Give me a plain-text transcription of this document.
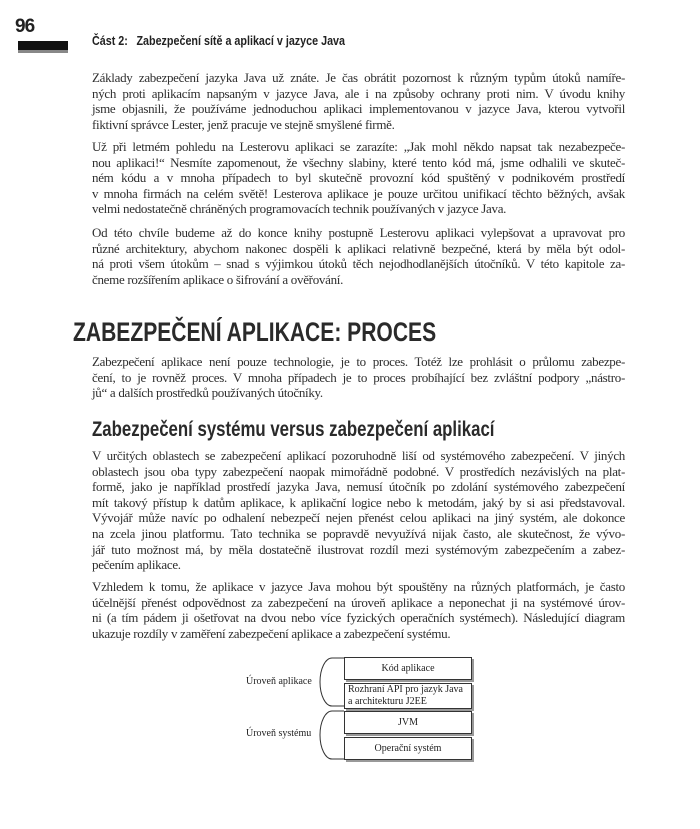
96
Část 2: Zabezpečení sítě a aplikací v jazyce Java
Základy zabezpečení jazyka Java už znáte. Je čas obrátit pozornost k různým typům útoků namíře-
ných proti aplikacím napsaným v jazyce Java, ale i na způsoby ochrany proti nim. V úvodu knihy
jsme objasnili, že používáme jednoduchou aplikaci implementovanou v jazyce Java, kterou vytvořil
fiktivní správce Lester, jenž pracuje ve stejně smyšlené firmě.
Už při letmém pohledu na Lesterovu aplikaci se zarazíte: „Jak mohl někdo napsat tak nezabezpeče-
nou aplikaci!“ Nesmíte zapomenout, že všechny slabiny, které tento kód má, jsme odhalili ve skuteč-
ném kódu a v mnoha případech to byl skutečně provozní kód spuštěný v podnikovém prostředí
v mnoha firmách na celém světě! Lesterova aplikace je pouze určitou unifikací těchto běžných, avšak
velmi nedostatečně chráněných programovacích technik používaných v jazyce Java.
Od této chvíle budeme až do konce knihy postupně Lesterovu aplikaci vylepšovat a upravovat pro
různé architektury, abychom nakonec dospěli k aplikaci relativně bezpečné, která by měla být odol-
ná proti všem útokům – snad s výjimkou útoků těch nejodhodlanějších útočníků. V této kapitole za-
čneme rozšířením aplikace o šifrování a ověřování.
ZABEZPEČENÍ APLIKACE: PROCES
Zabezpečení aplikace není pouze technologie, je to proces. Totéž lze prohlásit o průlomu zabezpe-
čení, to je rovněž proces. V mnoha případech je to proces probíhající bez zvláštní podpory „nástro-
jů“ a dalších prostředků používaných útočníky.
Zabezpečení systému versus zabezpečení aplikací
V určitých oblastech se zabezpečení aplikací pozoruhodně liší od systémového zabezpečení. V jiných
oblastech jsou oba typy zabezpečení naopak mimořádně podobné. V prostředích nezávislých na plat-
formě, jako je například prostředí jazyka Java, nemusí útočník po zdolání systémového zabezpečení
mít takový přístup k datům aplikace, k aplikační logice nebo k metodám, jaký by si asi představoval.
Vývojář může navíc po odhalení nebezpečí nejen přenést celou aplikaci na jiný systém, ale dokonce
na zcela jinou platformu. Tato technika se popravdě nevyužívá nijak často, ale skutečnost, že vývo-
jář tuto možnost má, by měla dostatečně ilustrovat rozdíl mezi systémovým zabezpečením a zabez-
pečením aplikace.
Vzhledem k tomu, že aplikace v jazyce Java mohou být spouštěny na různých platformách, je často
účelnější přenést odpovědnost za zabezpečení na úroveň aplikace a neponechat ji na systémové úrov-
ni (a tím pádem ji ošetřovat na dvou nebo více fyzických operačních systémech). Následující diagram
ukazuje rozdíly v zaměření zabezpečení aplikace a zabezpečení systému.
Úroveň aplikace
Úroveň systému
Kód aplikace
Rozhraní API pro jazyk Java
a architekturu J2EE
JVM
Operační systém
